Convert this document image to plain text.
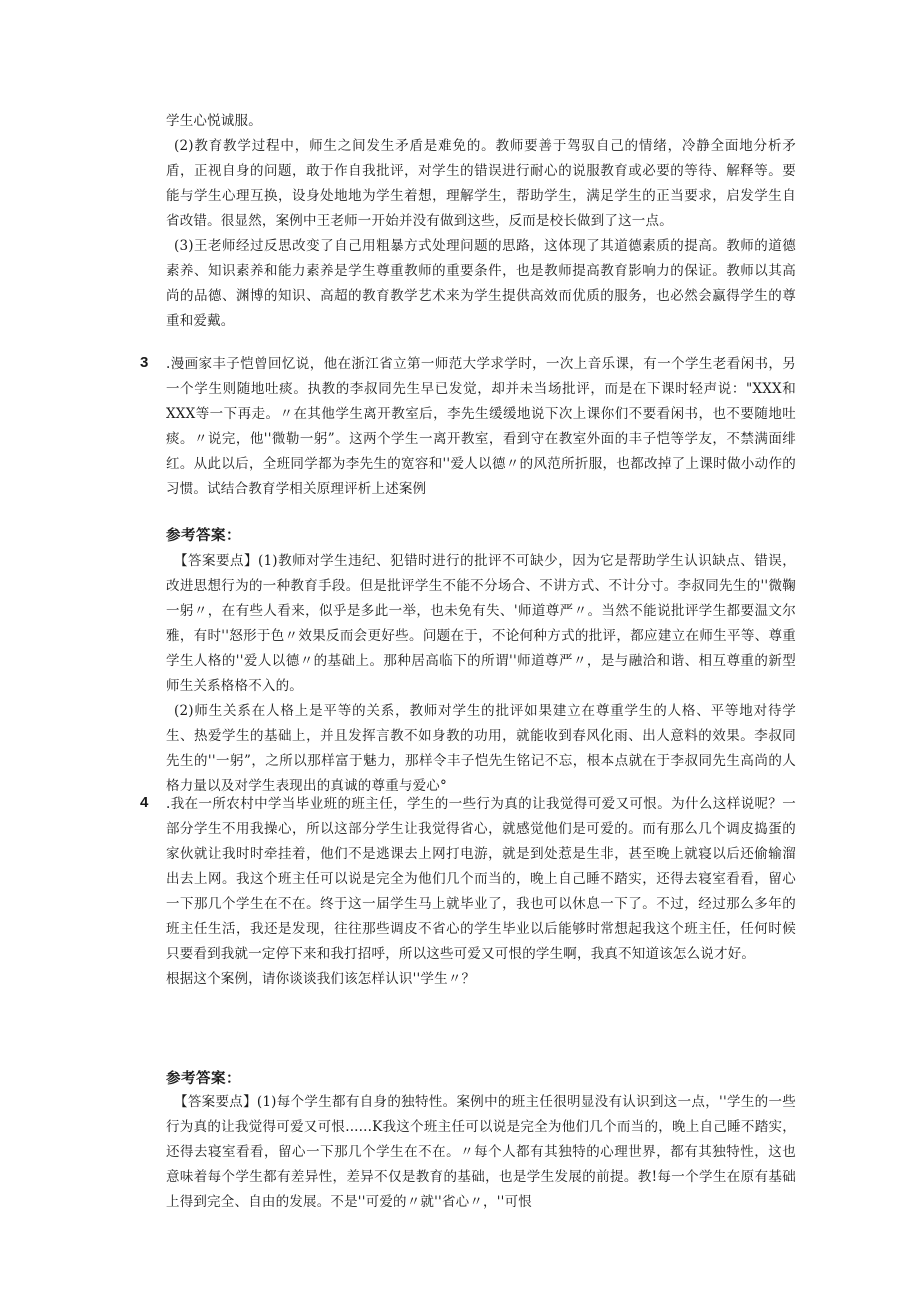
学生心悦诚服。

(2)教育教学过程中，师生之间发生矛盾是难免的。教师要善于驾驭自己的情绪，冷静全面地分析矛盾，正视自身的问题，敢于作自我批评，对学生的错误进行耐心的说服教育或必要的等待、解释等。要能与学生心理互换，设身处地地为学生着想，理解学生，帮助学生，满足学生的正当要求，启发学生自省改错。很显然，案例中王老师一开始并没有做到这些，反而是校长做到了这一点。

(3)王老师经过反思改变了自己用粗暴方式处理问题的思路，这体现了其道德素质的提高。教师的道德素养、知识素养和能力素养是学生尊重教师的重要条件，也是教师提高教育影响力的保证。教师以其高尚的品德、渊博的知识、高超的教育教学艺术来为学生提供高效而优质的服务，也必然会赢得学生的尊重和爱戴。

3 .漫画家丰子恺曾回忆说，他在浙江省立第一师范大学求学时，一次上音乐课，有一个学生老看闲书，另一个学生则随地吐痰。执教的李叔同先生早已发觉，却并未当场批评，而是在下课时轻声说："XXX和XXX等一下再走。〃在其他学生离开教室后，李先生缓缓地说下次上课你们不要看闲书，也不要随地吐痰。〃说完，他''微勒一躬”。这两个学生一离开教室，看到守在教室外面的丰子恺等学友，不禁满面绯红。从此以后，全班同学都为李先生的宽容和''爱人以德〃的风范所折服，也都改掉了上课时做小动作的习惯。试结合教育学相关原理评析上述案例

参考答案：

【答案要点】(1)教师对学生违纪、犯错时进行的批评不可缺少，因为它是帮助学生认识缺点、错误，改进思想行为的一种教育手段。但是批评学生不能不分场合、不讲方式、不计分寸。李叔同先生的''微鞠一躬〃，在有些人看来，似乎是多此一举，也未免有失、'师道尊严〃。当然不能说批评学生都要温文尔雅，有时''怒形于色〃效果反而会更好些。问题在于，不论何种方式的批评，都应建立在师生平等、尊重学生人格的''爱人以德〃的基础上。那种居高临下的所谓''师道尊严〃，是与融洽和谐、相互尊重的新型师生关系格格不入的。

(2)师生关系在人格上是平等的关系，教师对学生的批评如果建立在尊重学生的人格、平等地对待学生、热爱学生的基础上，并且发挥言教不如身教的功用，就能收到春风化雨、出人意料的效果。李叔同先生的''一躬”，之所以那样富于魅力，那样令丰子恺先生铭记不忘，根本点就在于李叔同先生高尚的人格力量以及对学生表现出的真诚的尊重与爱心°

4 .我在一所农村中学当毕业班的班主任，学生的一些行为真的让我觉得可爱又可恨。为什么这样说呢？一部分学生不用我操心，所以这部分学生让我觉得省心，就感觉他们是可爱的。而有那么几个调皮捣蛋的家伙就让我时时牵挂着，他们不是逃课去上网打电游，就是到处惹是生非，甚至晚上就寝以后还偷输溜出去上网。我这个班主任可以说是完全为他们几个而当的，晚上自己睡不踏实，还得去寝室看看，留心一下那几个学生在不在。终于这一届学生马上就毕业了，我也可以休息一下了。不过，经过那么多年的班主任生活，我还是发现，往往那些调皮不省心的学生毕业以后能够时常想起我这个班主任，任何时候只要看到我就一定停下来和我打招呼，所以这些可爱又可恨的学生啊，我真不知道该怎么说才好。

根据这个案例，请你谈谈我们该怎样认识''学生〃？

参考答案：

【答案要点】(1)每个学生都有自身的独特性。案例中的班主任很明显没有认识到这一点，''学生的一些行为真的让我觉得可爱又可恨......K我这个班主任可以说是完全为他们几个而当的，晚上自己睡不踏实，还得去寝室看看，留心一下那几个学生在不在。〃每个人都有其独特的心理世界，都有其独特性，这也意味着每个学生都有差异性，差异不仅是教育的基础，也是学生发展的前提。教!每一个学生在原有基础上得到完全、自由的发展。不是''可爱的〃就''省心〃，''可恨
